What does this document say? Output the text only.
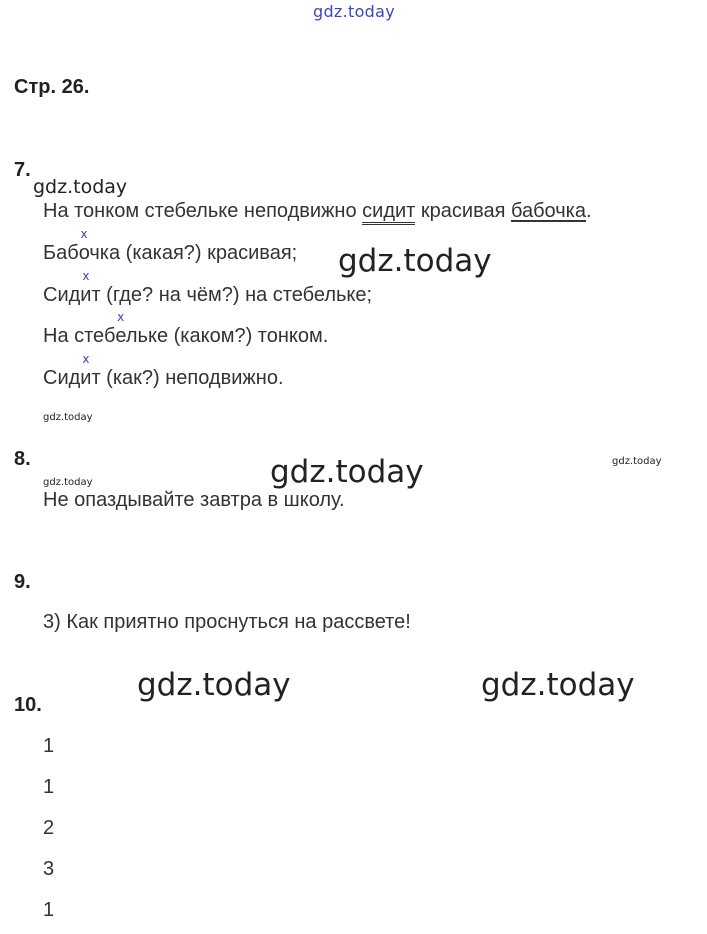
gdz.today
gdz.today
gdz.today
gdz.today
gdz.today
gdz.today
gdz.today
gdz.today	gdz.today
Стр. 26.
7.
На тонком стебельке неподвижно сидит красивая бабочка.
Бабx очка (какая?) красивая;
Сидx ит (где? на чём?) на стебельке;
На стебx ельке (каком?) тонком.
Сидx ит (как?) неподвижно.
8.
Не опаздывайте завтра в школу.
9.
3) Как приятно проснуться на рассвете!
10.
1
1
2
3
1
